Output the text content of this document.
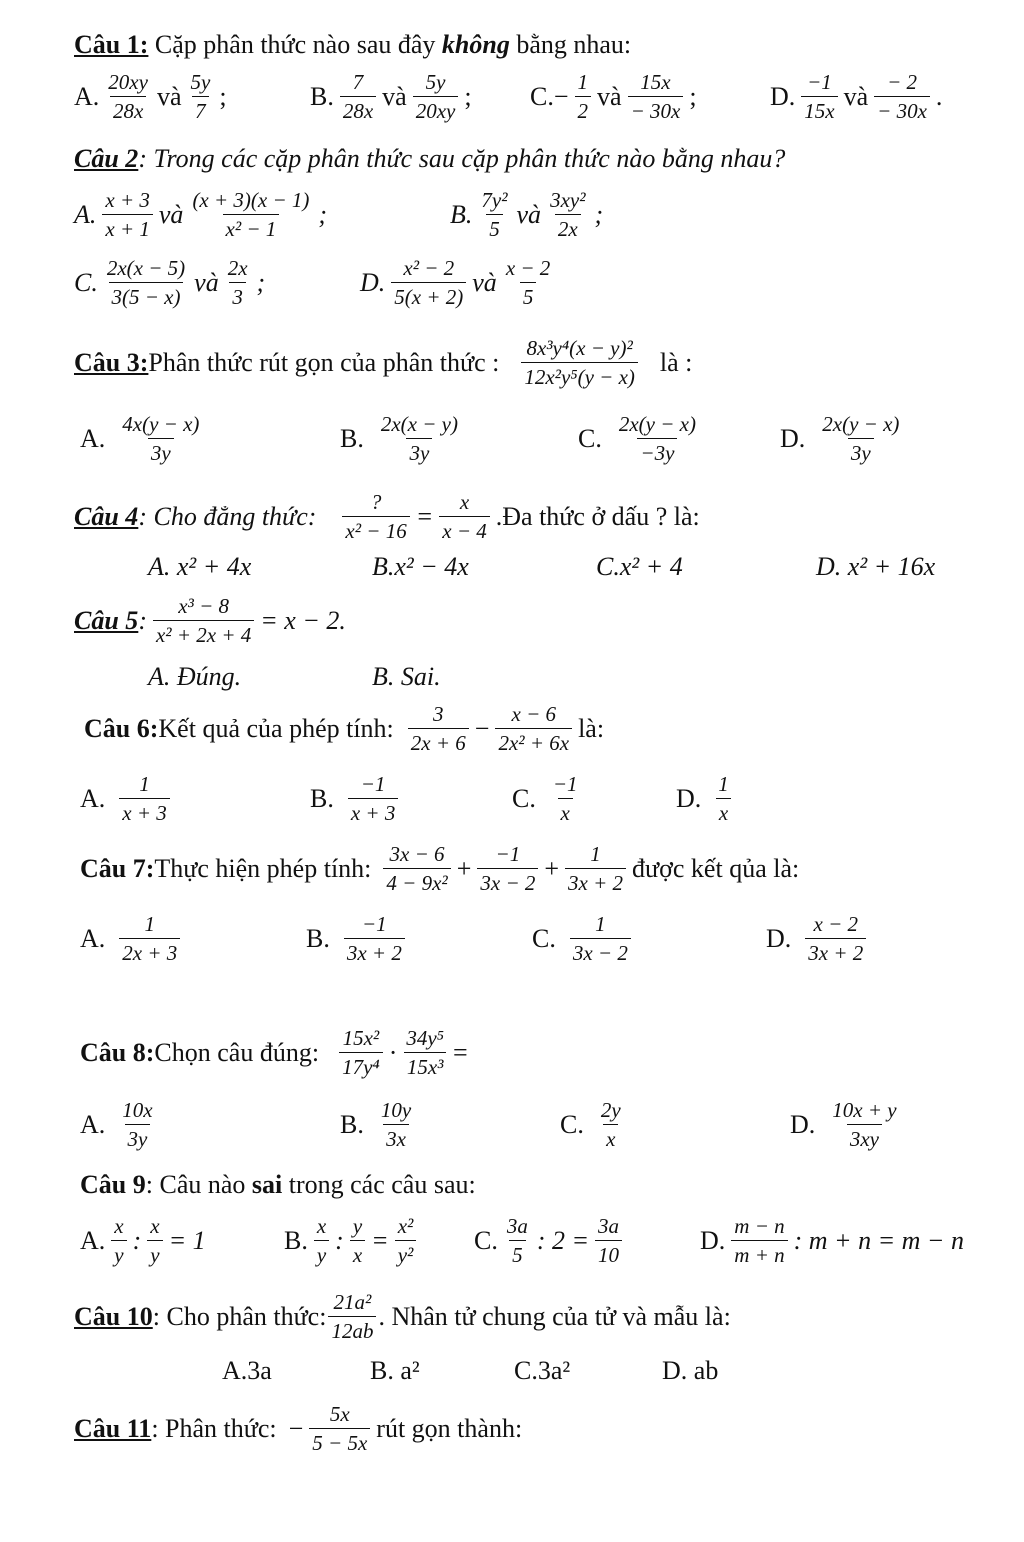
Câu 1: Cặp phân thức nào sau đây không bằng nhau:
A. 20xy
28x
và 5y
7
;	B. 7
28x
và 5y
20xy
; C. − $\frac{1}{2}$ và 15x
− 30x
;	D. −1
15x
và − 2
− 30x
.
Câu 2: Trong các cặp phân thức sau cặp phân thức nào bằng nhau?
A. x + 3
x + 1
và (x + 3)(x − 1)
x² − 1
;	B. 7y²
5
và 3xy²
2x
;
C. 2x(x − 5)
3(5 − x)
và 2x
3
;	D. x² − 2
5(x + 2)
và x − 2
5
Câu 3: Phân thức rút gọn của phân thức : 8x³y⁴(x − y)²
12x²y⁵(y − x)
là :
A. 4x(y − x)
3y
B. 2x(x − y)
3y
C. 2x(y − x)
−3y
D. 2x(y − x)
3y
Câu 4 : Cho đẳng thức:	?
x² − 16
= $\frac{x}{x - 4}$ .Đa thức ở dấu ? là:
A. x² + 4x	B.x² − 4x	C.x² + 4	D. x² + 16x
Câu 5 : $\frac{\text{x³ − 8}}{\text{x² + 2x + 4}} = x - 2$.
A. Đúng.	B. Sai.
Câu 6: Kết quả của phép tính: 3
2x + 6
− $\frac{x - 6}{\text{2x² + 6x}}$ là:
A. 1
x + 3
B. −1
x + 3
C. −1
x
D. 1
x
Câu 7: Thực hiện phép tính: 3x − 6
4 − 9x²
+ $\frac{-1}{3x - 2} + \frac{1}{3x + 2}$ được kết qủa là:
A. 1
2x + 3
B. −1
3x + 2
C. 1
3x − 2
D. x − 2
3x + 2
Câu 8: Chọn câu đúng: 15x²
17y⁴
· $\frac{\text{34y⁵}}{\text{15x³}}$ =
A. 10x
3y
B. 10y
3x
C. 2y
x
D. 10x + y
3xy
Câu 9: Câu nào sai trong các câu sau:
A. x
y
: $\frac{x}{y} = 1$	B. x
y
: $\frac{y}{x} = \frac{\text{x²}}{\text{y²}} C$. 3a
5
: $2 = \frac{3a}{10}$	D. m − n
m + n
: m + n = m − n
Câu 10 : Cho phân thức: 21a²
12ab
. Nhân tử chung của tử và mẫu là:
A.3a	B. a²	C.3a²	D. ab
Câu 11 : Phân thức: − $\frac{5x}{5 - 5x}$ rút gọn thành:
